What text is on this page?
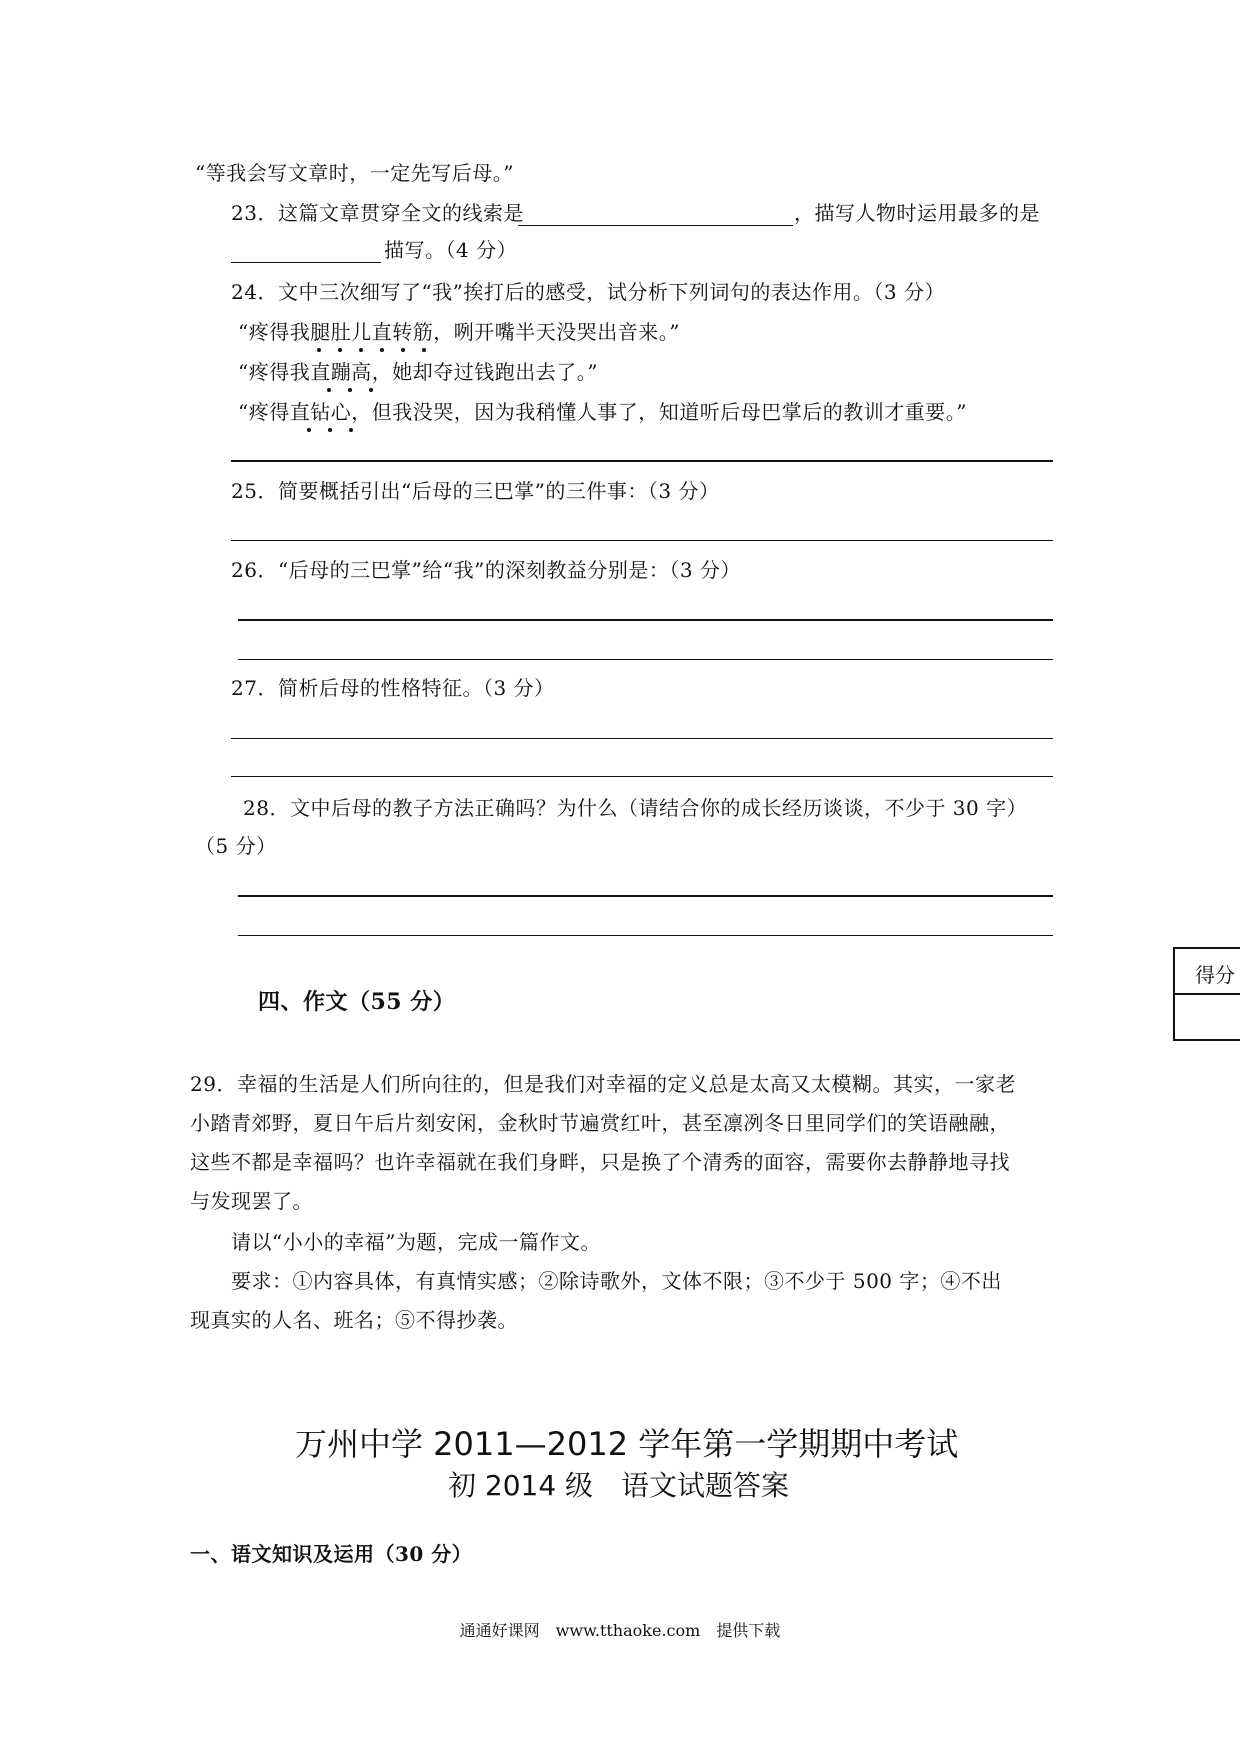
“等我会写文章时，一定先写后母。”
23．这篇文章贯穿全文的线索是	，描写人物时运用最多的是
描写。（4 分）
24．文中三次细写了“我”挨打后的感受，试分析下列词句的表达作用。（3 分）
“疼得我腿肚儿直转筋，咧开嘴半天没哭出音来。”
“疼得我直蹦高，她却夺过钱跑出去了。”
“疼得直钻心，但我没哭，因为我稍懂人事了，知道听后母巴掌后的教训才重要。”
25．简要概括引出“后母的三巴掌”的三件事：（3 分）
26．“后母的三巴掌”给“我”的深刻教益分别是：（3 分）
27．简析后母的性格特征。（3 分）
28．文中后母的教子方法正确吗？为什么（请结合你的成长经历谈谈，不少于 30 字）
（5 分）
四、作文（55 分）
得分
29．幸福的生活是人们所向往的，但是我们对幸福的定义总是太高又太模糊。其实，一家老
小踏青郊野，夏日午后片刻安闲，金秋时节遍赏红叶，甚至凛冽冬日里同学们的笑语融融，
这些不都是幸福吗？也许幸福就在我们身畔，只是换了个清秀的面容，需要你去静静地寻找
与发现罢了。
请以“小小的幸福”为题，完成一篇作文。
要求：①内容具体，有真情实感；②除诗歌外，文体不限；③不少于 500 字；④不出
现真实的人名、班名；⑤不得抄袭。
万州中学 2011—2012 学年第一学期期中考试
初 2014 级　语文试题答案
一、语文知识及运用（30 分）
通通好课网　www.tthaoke.com　提供下载
